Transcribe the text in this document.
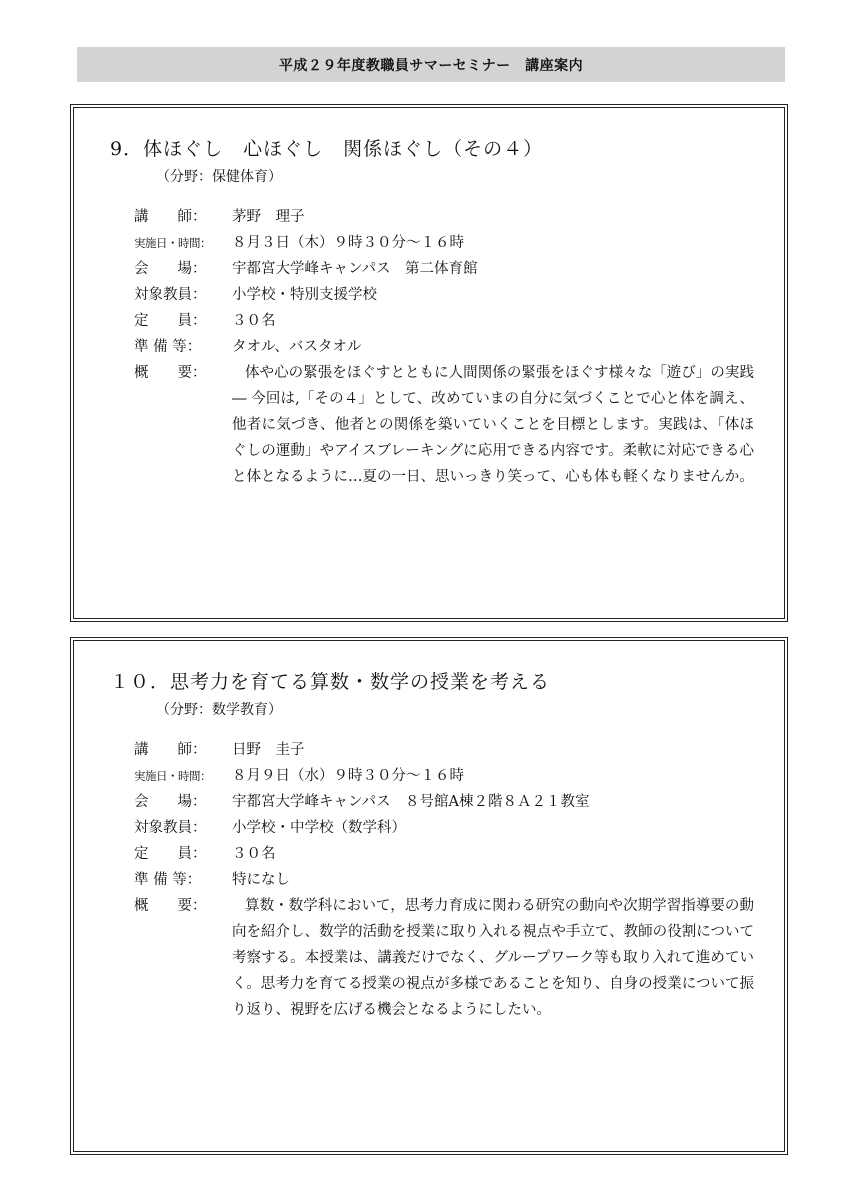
平成２９年度教職員サマーセミナー　講座案内
9．体ほぐし　心ほぐし　関係ほぐし（その４）
（分野：保健体育）
講　　師：	茅野　理子
実施日・時間：	８月３日（木）９時３０分～１６時
会　　場：	宇都宮大学峰キャンパス　第二体育館
対象教員：	小学校・特別支援学校
定　　員：	３０名
準 備 等：	タオル、バスタオル
概　　要：	体や心の緊張をほぐすとともに人間関係の緊張をほぐす様々な「遊び」の実践 ― 今回は,「その４」として、改めていまの自分に気づくことで心と体を調え、他者に気づき、他者との関係を築いていくことを目標とします。実践は、「体ほぐしの運動」やアイスブレーキングに応用できる内容です。柔軟に対応できる心と体となるように…夏の一日、思いっきり笑って、心も体も軽くなりませんか。
１０．思考力を育てる算数・数学の授業を考える
（分野：数学教育）
講　　師：	日野　圭子
実施日・時間：	８月９日（水）９時３０分～１６時
会　　場：	宇都宮大学峰キャンパス　８号館A棟２階８Ａ２１教室
対象教員：	小学校・中学校（数学科）
定　　員：	３０名
準 備 等：	特になし
概　　要：	算数・数学科において，思考力育成に関わる研究の動向や次期学習指導要の動向を紹介し、数学的活動を授業に取り入れる視点や手立て、教師の役割について考察する。本授業は、講義だけでなく、グループワーク等も取り入れて進めていく。思考力を育てる授業の視点が多様であることを知り、自身の授業について振り返り、視野を広げる機会となるようにしたい。
